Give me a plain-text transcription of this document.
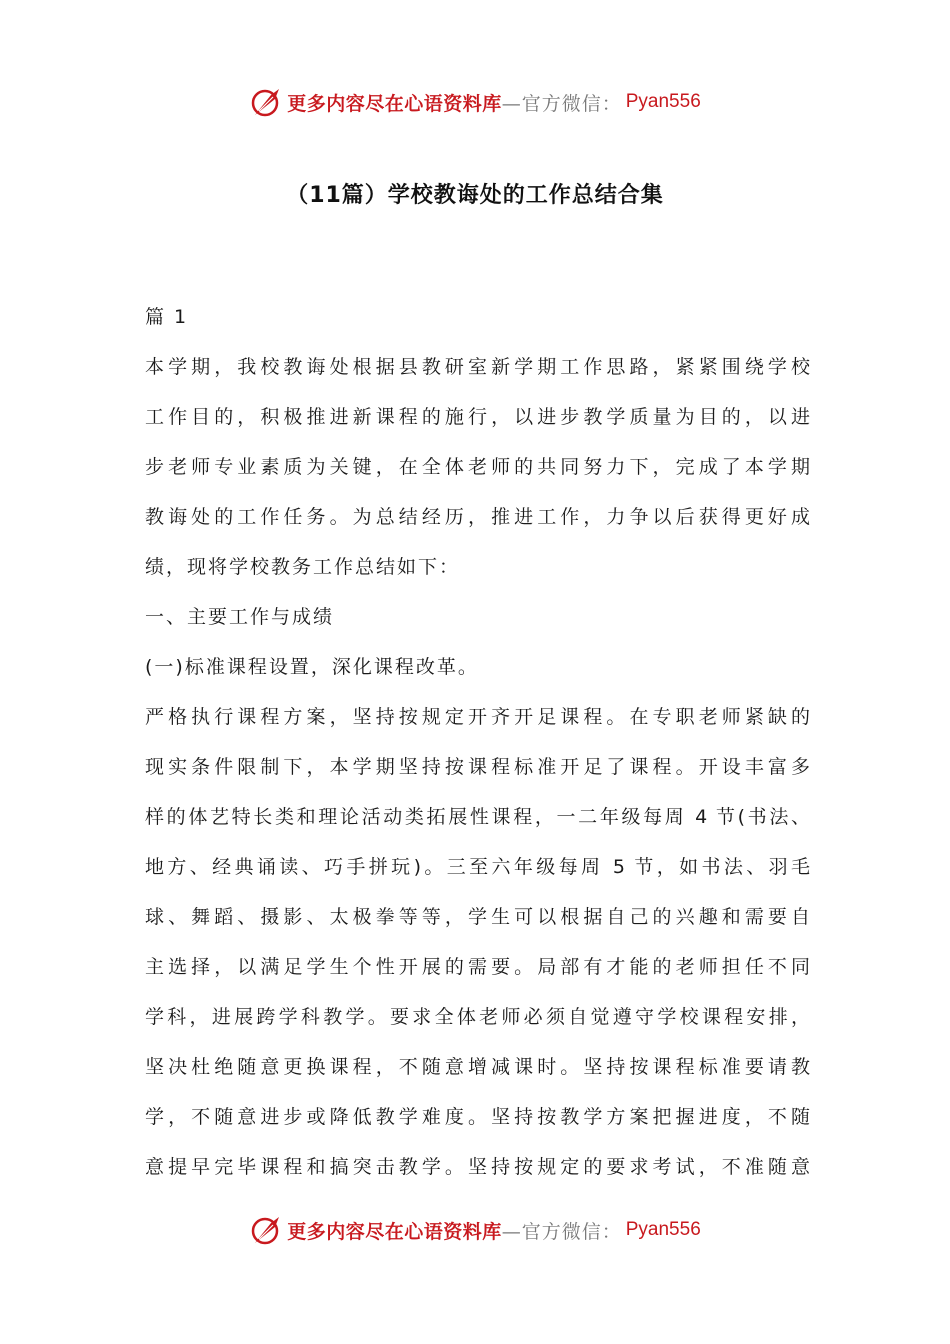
更多内容尽在心语资料库 —官方微信： Pyan556
（11篇）学校教诲处的工作总结合集
篇 1
本学期，我校教诲处根据县教研室新学期工作思路，紧紧围绕学校
工作目的，积极推进新课程的施行，以进步教学质量为目的，以进
步老师专业素质为关键，在全体老师的共同努力下，完成了本学期
教诲处的工作任务。为总结经历，推进工作，力争以后获得更好成
绩，现将学校教务工作总结如下：
一、主要工作与成绩
(一)标准课程设置，深化课程改革。
严格执行课程方案，坚持按规定开齐开足课程。在专职老师紧缺的
现实条件限制下，本学期坚持按课程标准开足了课程。开设丰富多
样的体艺特长类和理论活动类拓展性课程，一二年级每周 4 节(书法、
地方、经典诵读、巧手拼玩)。三至六年级每周 5 节，如书法、羽毛
球、舞蹈、摄影、太极拳等等，学生可以根据自己的兴趣和需要自
主选择，以满足学生个性开展的需要。局部有才能的老师担任不同
学科，进展跨学科教学。要求全体老师必须自觉遵守学校课程安排，
坚决杜绝随意更换课程，不随意增减课时。坚持按课程标准要请教
学，不随意进步或降低教学难度。坚持按教学方案把握进度，不随
意提早完毕课程和搞突击教学。坚持按规定的要求考试，不准随意
更多内容尽在心语资料库 —官方微信： Pyan556
